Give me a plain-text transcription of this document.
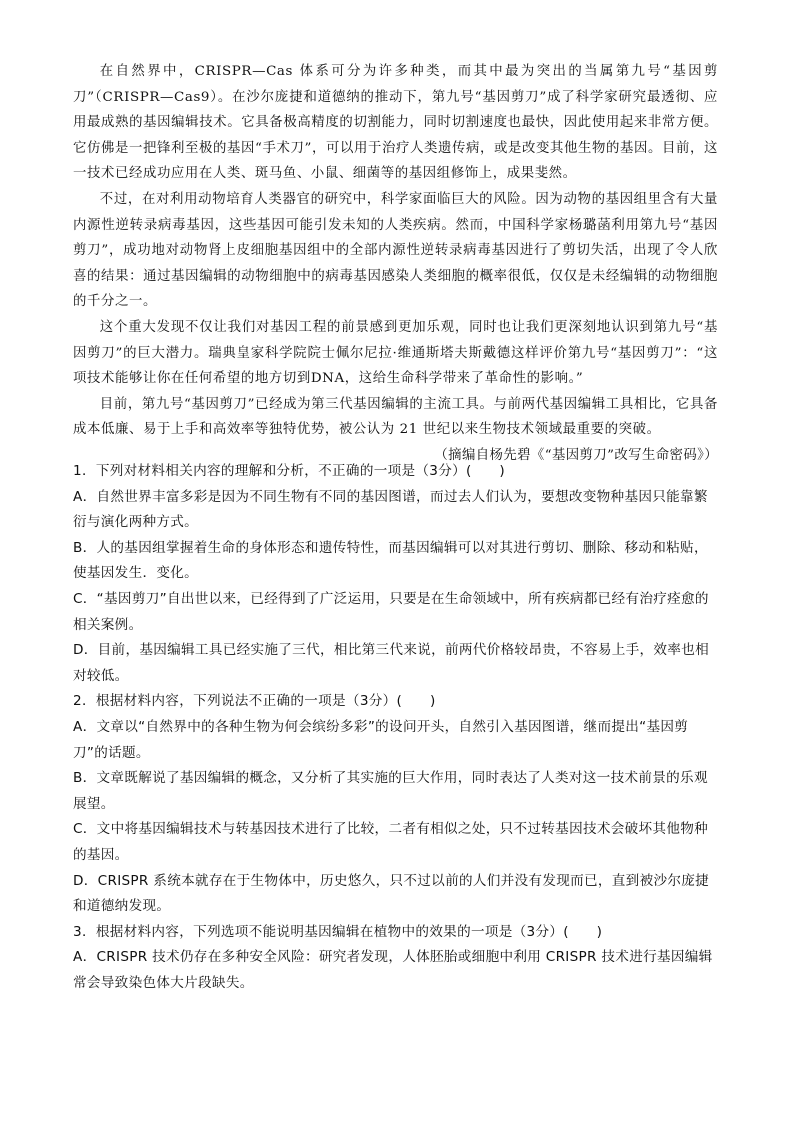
在自然界中，CRISPR—Cas 体系可分为许多种类，而其中最为突出的当属第九号“基因剪刀”（CRISPR—Cas9）。在沙尔庞捷和道德纳的推动下，第九号“基因剪刀”成了科学家研究最透彻、应用最成熟的基因编辑技术。它具备极高精度的切割能力，同时切割速度也最快，因此使用起来非常方便。它仿佛是一把锋利至极的基因“手术刀”，可以用于治疗人类遗传病，或是改变其他生物的基因。目前，这一技术已经成功应用在人类、斑马鱼、小鼠、细菌等的基因组修饰上，成果斐然。

不过，在对利用动物培育人类器官的研究中，科学家面临巨大的风险。因为动物的基因组里含有大量内源性逆转录病毒基因，这些基因可能引发未知的人类疾病。然而，中国科学家杨璐菡利用第九号“基因剪刀”，成功地对动物肾上皮细胞基因组中的全部内源性逆转录病毒基因进行了剪切失活，出现了令人欣喜的结果：通过基因编辑的动物细胞中的病毒基因感染人类细胞的概率很低，仅仅是未经编辑的动物细胞的千分之一。

这个重大发现不仅让我们对基因工程的前景感到更加乐观，同时也让我们更深刻地认识到第九号“基因剪刀”的巨大潜力。瑞典皇家科学院院士佩尔尼拉·维通斯塔夫斯戴德这样评价第九号“基因剪刀”：“这项技术能够让你在任何希望的地方切到DNA，这给生命科学带来了革命性的影响。”

目前，第九号“基因剪刀”已经成为第三代基因编辑的主流工具。与前两代基因编辑工具相比，它具备成本低廉、易于上手和高效率等独特优势，被公认为 21 世纪以来生物技术领域最重要的突破。

（摘编自杨先碧《“基因剪刀”改写生命密码》）

1．下列对材料相关内容的理解和分析，不正确的一项是（3分）(　　)

A．自然世界丰富多彩是因为不同生物有不同的基因图谱，而过去人们认为，要想改变物种基因只能靠繁衍与演化两种方式。

B．人的基因组掌握着生命的身体形态和遗传特性，而基因编辑可以对其进行剪切、删除、移动和粘贴，使基因发生．变化。

C．“基因剪刀”自出世以来，已经得到了广泛运用，只要是在生命领域中，所有疾病都已经有治疗痊愈的相关案例。

D．目前，基因编辑工具已经实施了三代，相比第三代来说，前两代价格较昂贵，不容易上手，效率也相对较低。

2．根据材料内容，下列说法不正确的一项是（3分）(　　)

A．文章以“自然界中的各种生物为何会缤纷多彩”的设问开头，自然引入基因图谱，继而提出“基因剪刀”的话题。

B．文章既解说了基因编辑的概念，又分析了其实施的巨大作用，同时表达了人类对这一技术前景的乐观展望。

C．文中将基因编辑技术与转基因技术进行了比较，二者有相似之处，只不过转基因技术会破坏其他物种的基因。

D．CRISPR 系统本就存在于生物体中，历史悠久，只不过以前的人们并没有发现而已，直到被沙尔庞捷和道德纳发现。

3．根据材料内容，下列选项不能说明基因编辑在植物中的效果的一项是（3分）(　　)

A．CRISPR 技术仍存在多种安全风险：研究者发现，人体胚胎或细胞中利用 CRISPR 技术进行基因编辑常会导致染色体大片段缺失。
